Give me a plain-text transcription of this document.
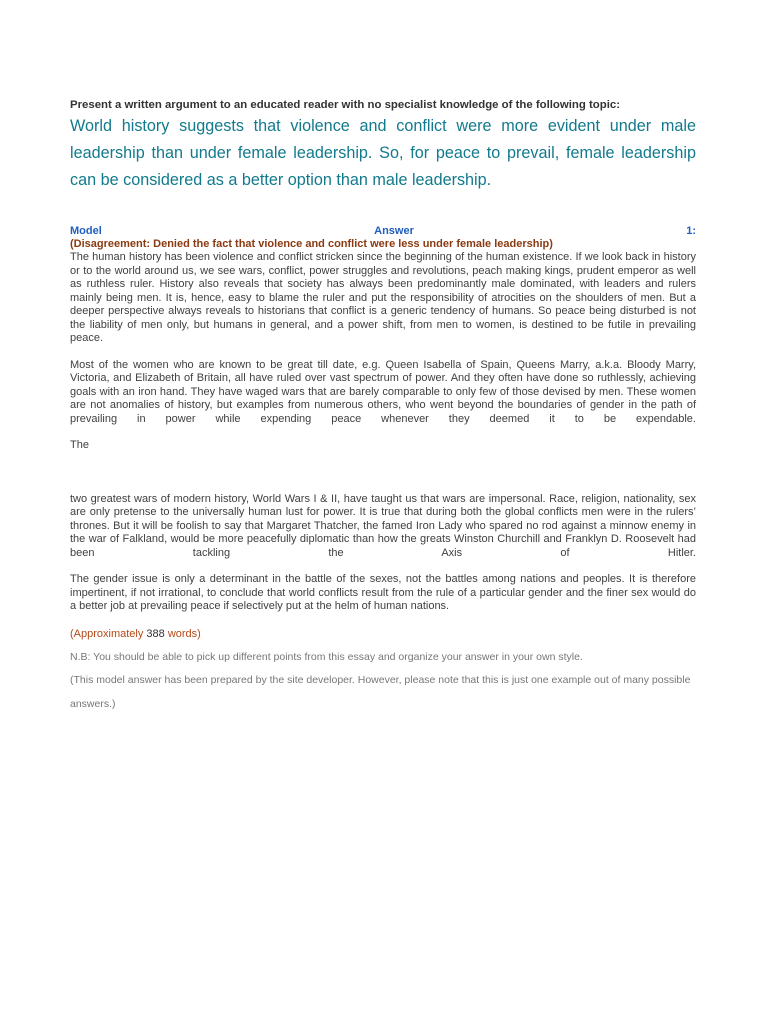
Present a written argument to an educated reader with no specialist knowledge of the following topic:

World history suggests that violence and conflict were more evident under male leadership than under female leadership. So, for peace to prevail, female leadership can be considered as a better option than male leadership.

Model	Answer	1:

(Disagreement: Denied the fact that violence and conflict were less under female leadership)

The human history has been violence and conflict stricken since the beginning of the human existence. If we look back in history or to the world around us, we see wars, conflict, power struggles and revolutions, peach making kings, prudent emperor as well as ruthless ruler. History also reveals that society has always been predominantly male dominated, with leaders and rulers mainly being men. It is, hence, easy to blame the ruler and put the responsibility of atrocities on the shoulders of men. But a deeper perspective always reveals to historians that conflict is a generic tendency of humans. So peace being disturbed is not the liability of men only, but humans in general, and a power shift, from men to women, is destined to be futile in prevailing peace.

Most of the women who are known to be great till date, e.g. Queen Isabella of Spain, Queens Marry, a.k.a. Bloody Marry, Victoria, and Elizabeth of Britain, all have ruled over vast spectrum of power. And they often have done so ruthlessly, achieving goals with an iron hand. They have waged wars that are barely comparable to only few of those devised by men. These women are not anomalies of history, but examples from numerous others, who went beyond the boundaries of gender in the path of prevailing in power while expending peace whenever they deemed it to be expendable.

The

two greatest wars of modern history, World Wars I & II, have taught us that wars are impersonal. Race, religion, nationality, sex are only pretense to the universally human lust for power. It is true that during both the global conflicts men were in the rulers’ thrones. But it will be foolish to say that Margaret Thatcher, the famed Iron Lady who spared no rod against a minnow enemy in the war of Falkland, would be more peacefully diplomatic than how the greats Winston Churchill and Franklyn D. Roosevelt had been tackling the Axis of Hitler.

The gender issue is only a determinant in the battle of the sexes, not the battles among nations and peoples. It is therefore impertinent, if not irrational, to conclude that world conflicts result from the rule of a particular gender and the finer sex would do a better job at prevailing peace if selectively put at the helm of human nations.

(Approximately 388 words)

N.B: You should be able to pick up different points from this essay and organize your answer in your own style.

(This model answer has been prepared by the site developer. However, please note that this is just one example out of many possible answers.)
